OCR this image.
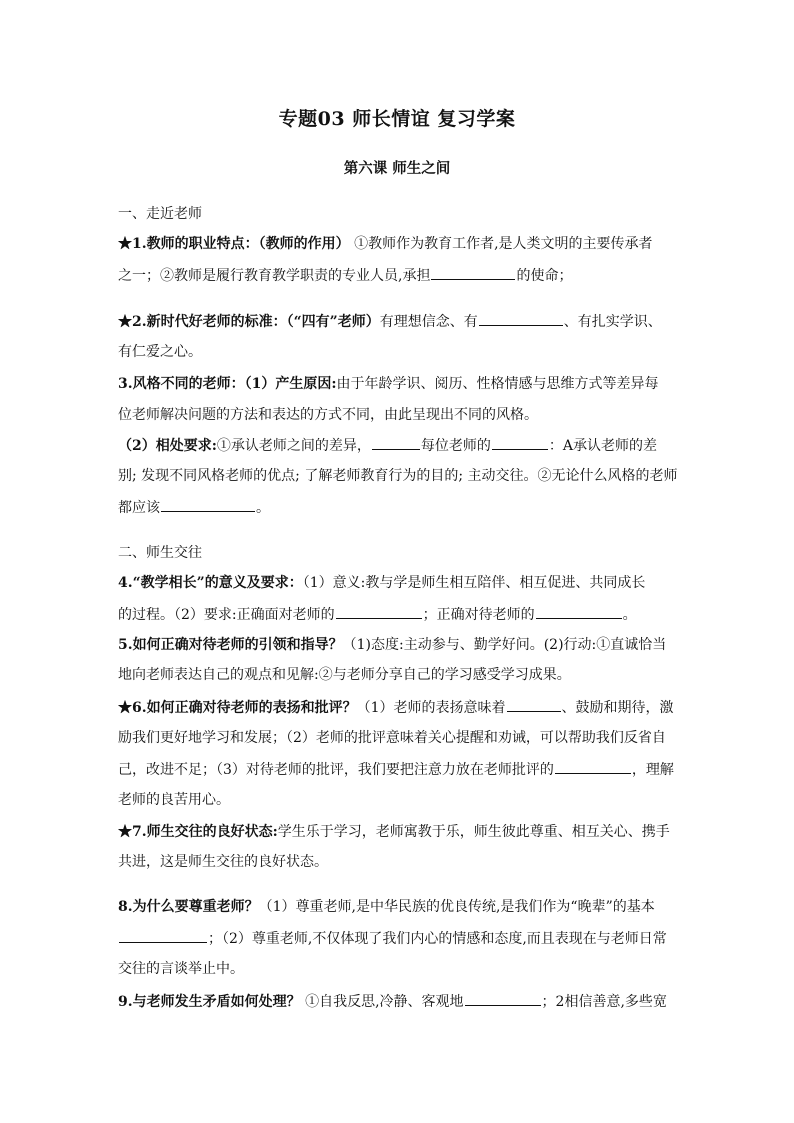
专题03 师长情谊 复习学案
第六课 师生之间
一、走近老师
★1.教师的职业特点：（教师的作用） ①教师作为教育工作者,是人类文明的主要传承者
之一；②教师是履行教育教学职责的专业人员,承担	的使命；
★2.新时代好老师的标准：（“四有”老师）有理想信念、有	、有扎实学识、
有仁爱之心。
3.风格不同的老师：（1）产生原因:由于年龄学识、阅历、性格情感与思维方式等差异每
位老师解决问题的方法和表达的方式不同，由此呈现出不同的风格。
（2）相处要求:①承认老师之间的差异，	每位老师的	：A承认老师的差
别; 发现不同风格老师的优点; 了解老师教育行为的目的; 主动交往。②无论什么风格的老师
都应该	。
二、师生交往
4.“教学相长”的意义及要求：（1）意义:教与学是师生相互陪伴、相互促进、共同成长
的过程。（2）要求:正确面对老师的	；正确对待老师的	。
5.如何正确对待老师的引领和指导？（1)态度:主动参与、勤学好问。(2)行动:①直诚恰当
地向老师表达自己的观点和见解:②与老师分享自己的学习感受学习成果。
★6.如何正确对待老师的表扬和批评？（1）老师的表扬意味着	、鼓励和期待，激
励我们更好地学习和发展；（2）老师的批评意味着关心提醒和劝诫，可以帮助我们反省自
己，改进不足；（3）对待老师的批评，我们要把注意力放在老师批评的	，理解
老师的良苦用心。
★7.师生交往的良好状态:学生乐于学习，老师寓教于乐，师生彼此尊重、相互关心、携手
共进，这是师生交往的良好状态。
8.为什么要尊重老师？（1）尊重老师,是中华民族的优良传统,是我们作为“晚辈”的基本
；（2）尊重老师,不仅体现了我们内心的情感和态度,而且表现在与老师日常
交往的言谈举止中。
9.与老师发生矛盾如何处理？ ①自我反思,冷静、客观地	；2相信善意,多些宽
